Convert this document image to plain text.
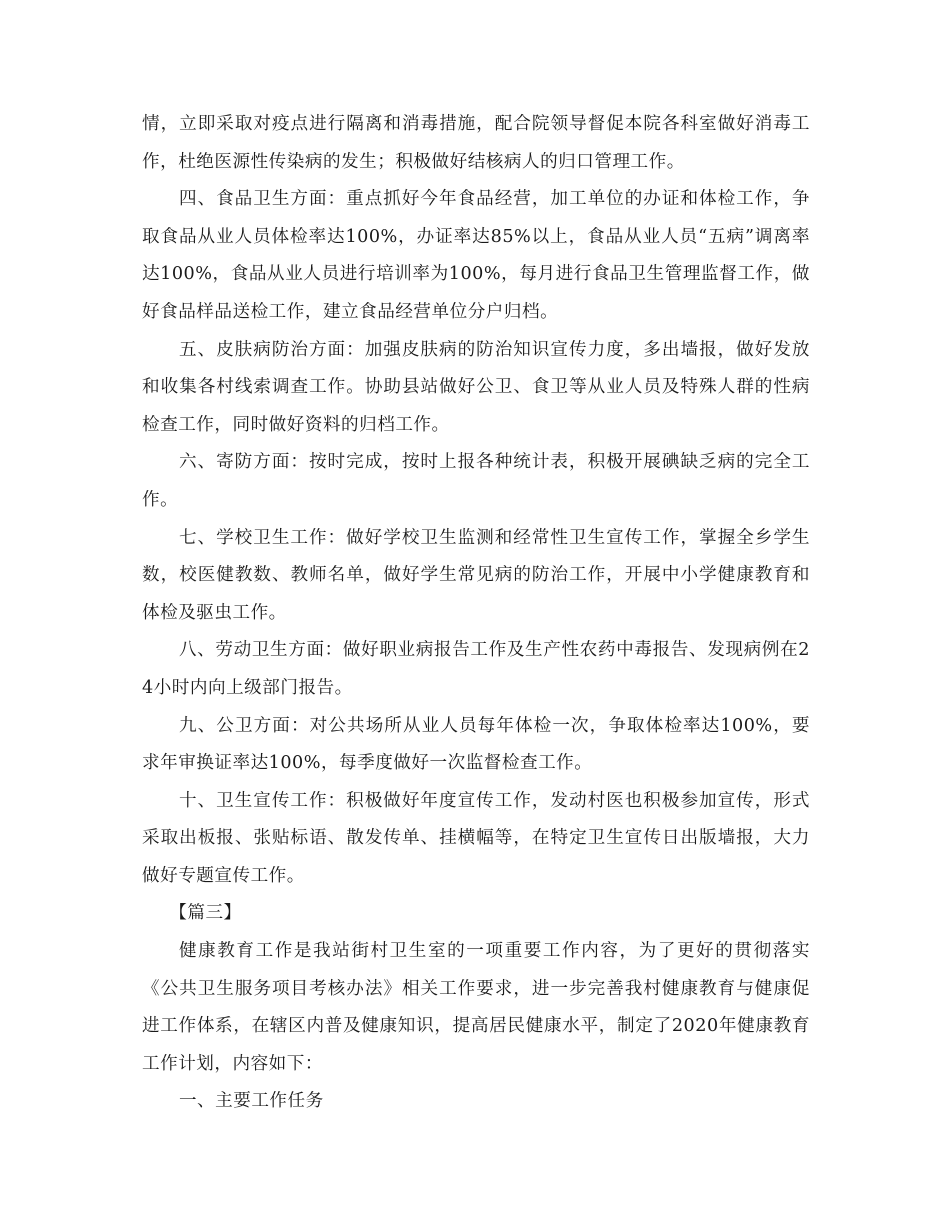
情，立即采取对疫点进行隔离和消毒措施，配合院领导督促本院各科室做好消毒工作，杜绝医源性传染病的发生；积极做好结核病人的归口管理工作。

四、食品卫生方面：重点抓好今年食品经营，加工单位的办证和体检工作，争取食品从业人员体检率达100%，办证率达85%以上，食品从业人员“五病”调离率达100%，食品从业人员进行培训率为100%，每月进行食品卫生管理监督工作，做好食品样品送检工作，建立食品经营单位分户归档。

五、皮肤病防治方面：加强皮肤病的防治知识宣传力度，多出墙报，做好发放和收集各村线索调查工作。协助县站做好公卫、食卫等从业人员及特殊人群的性病检查工作，同时做好资料的归档工作。

六、寄防方面：按时完成，按时上报各种统计表，积极开展碘缺乏病的完全工作。

七、学校卫生工作：做好学校卫生监测和经常性卫生宣传工作，掌握全乡学生数，校医健教数、教师名单，做好学生常见病的防治工作，开展中小学健康教育和体检及驱虫工作。

八、劳动卫生方面：做好职业病报告工作及生产性农药中毒报告、发现病例在24小时内向上级部门报告。

九、公卫方面：对公共场所从业人员每年体检一次，争取体检率达100%，要求年审换证率达100%，每季度做好一次监督检查工作。

十、卫生宣传工作：积极做好年度宣传工作，发动村医也积极参加宣传，形式采取出板报、张贴标语、散发传单、挂横幅等，在特定卫生宣传日出版墙报，大力做好专题宣传工作。

【篇三】

健康教育工作是我站街村卫生室的一项重要工作内容，为了更好的贯彻落实《公共卫生服务项目考核办法》相关工作要求，进一步完善我村健康教育与健康促进工作体系，在辖区内普及健康知识，提高居民健康水平，制定了2020年健康教育工作计划，内容如下：

一、主要工作任务
